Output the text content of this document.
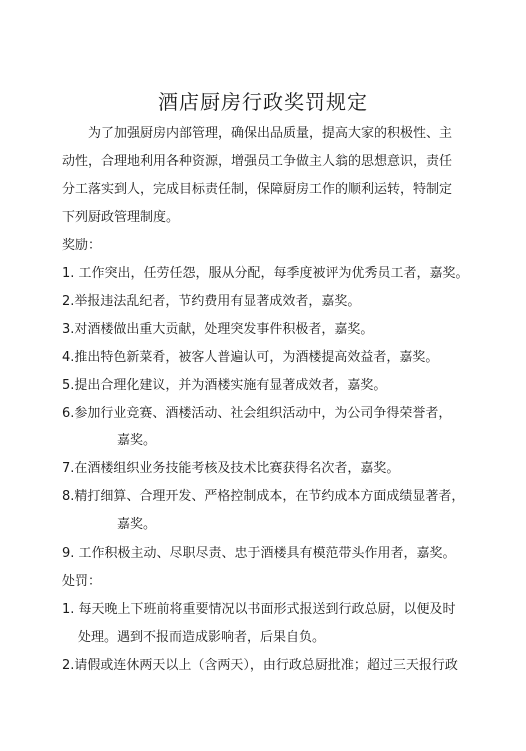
酒店厨房行政奖罚规定
为了加强厨房内部管理，确保出品质量，提高大家的积极性、主
动性，合理地利用各种资源，增强员工争做主人翁的思想意识，责任
分工落实到人，完成目标责任制，保障厨房工作的顺利运转，特制定
下列厨政管理制度。
奖励：
1. 工作突出，任劳任怨，服从分配，每季度被评为优秀员工者，嘉奖。
2.举报违法乱纪者，节约费用有显著成效者，嘉奖。
3.对酒楼做出重大贡献，处理突发事件积极者，嘉奖。
4.推出特色新菜肴，被客人普遍认可，为酒楼提高效益者，嘉奖。
5.提出合理化建议，并为酒楼实施有显著成效者，嘉奖。
6.参加行业竞赛、酒楼活动、社会组织活动中，为公司争得荣誉者，
嘉奖。
7.在酒楼组织业务技能考核及技术比赛获得名次者，嘉奖。
8.精打细算、合理开发、严格控制成本，在节约成本方面成绩显著者，
嘉奖。
9. 工作积极主动、尽职尽责、忠于酒楼具有模范带头作用者，嘉奖。
处罚：
1. 每天晚上下班前将重要情况以书面形式报送到行政总厨，以便及时
处理。遇到不报而造成影响者，后果自负。
2.请假或连休两天以上（含两天），由行政总厨批准；超过三天报行政
